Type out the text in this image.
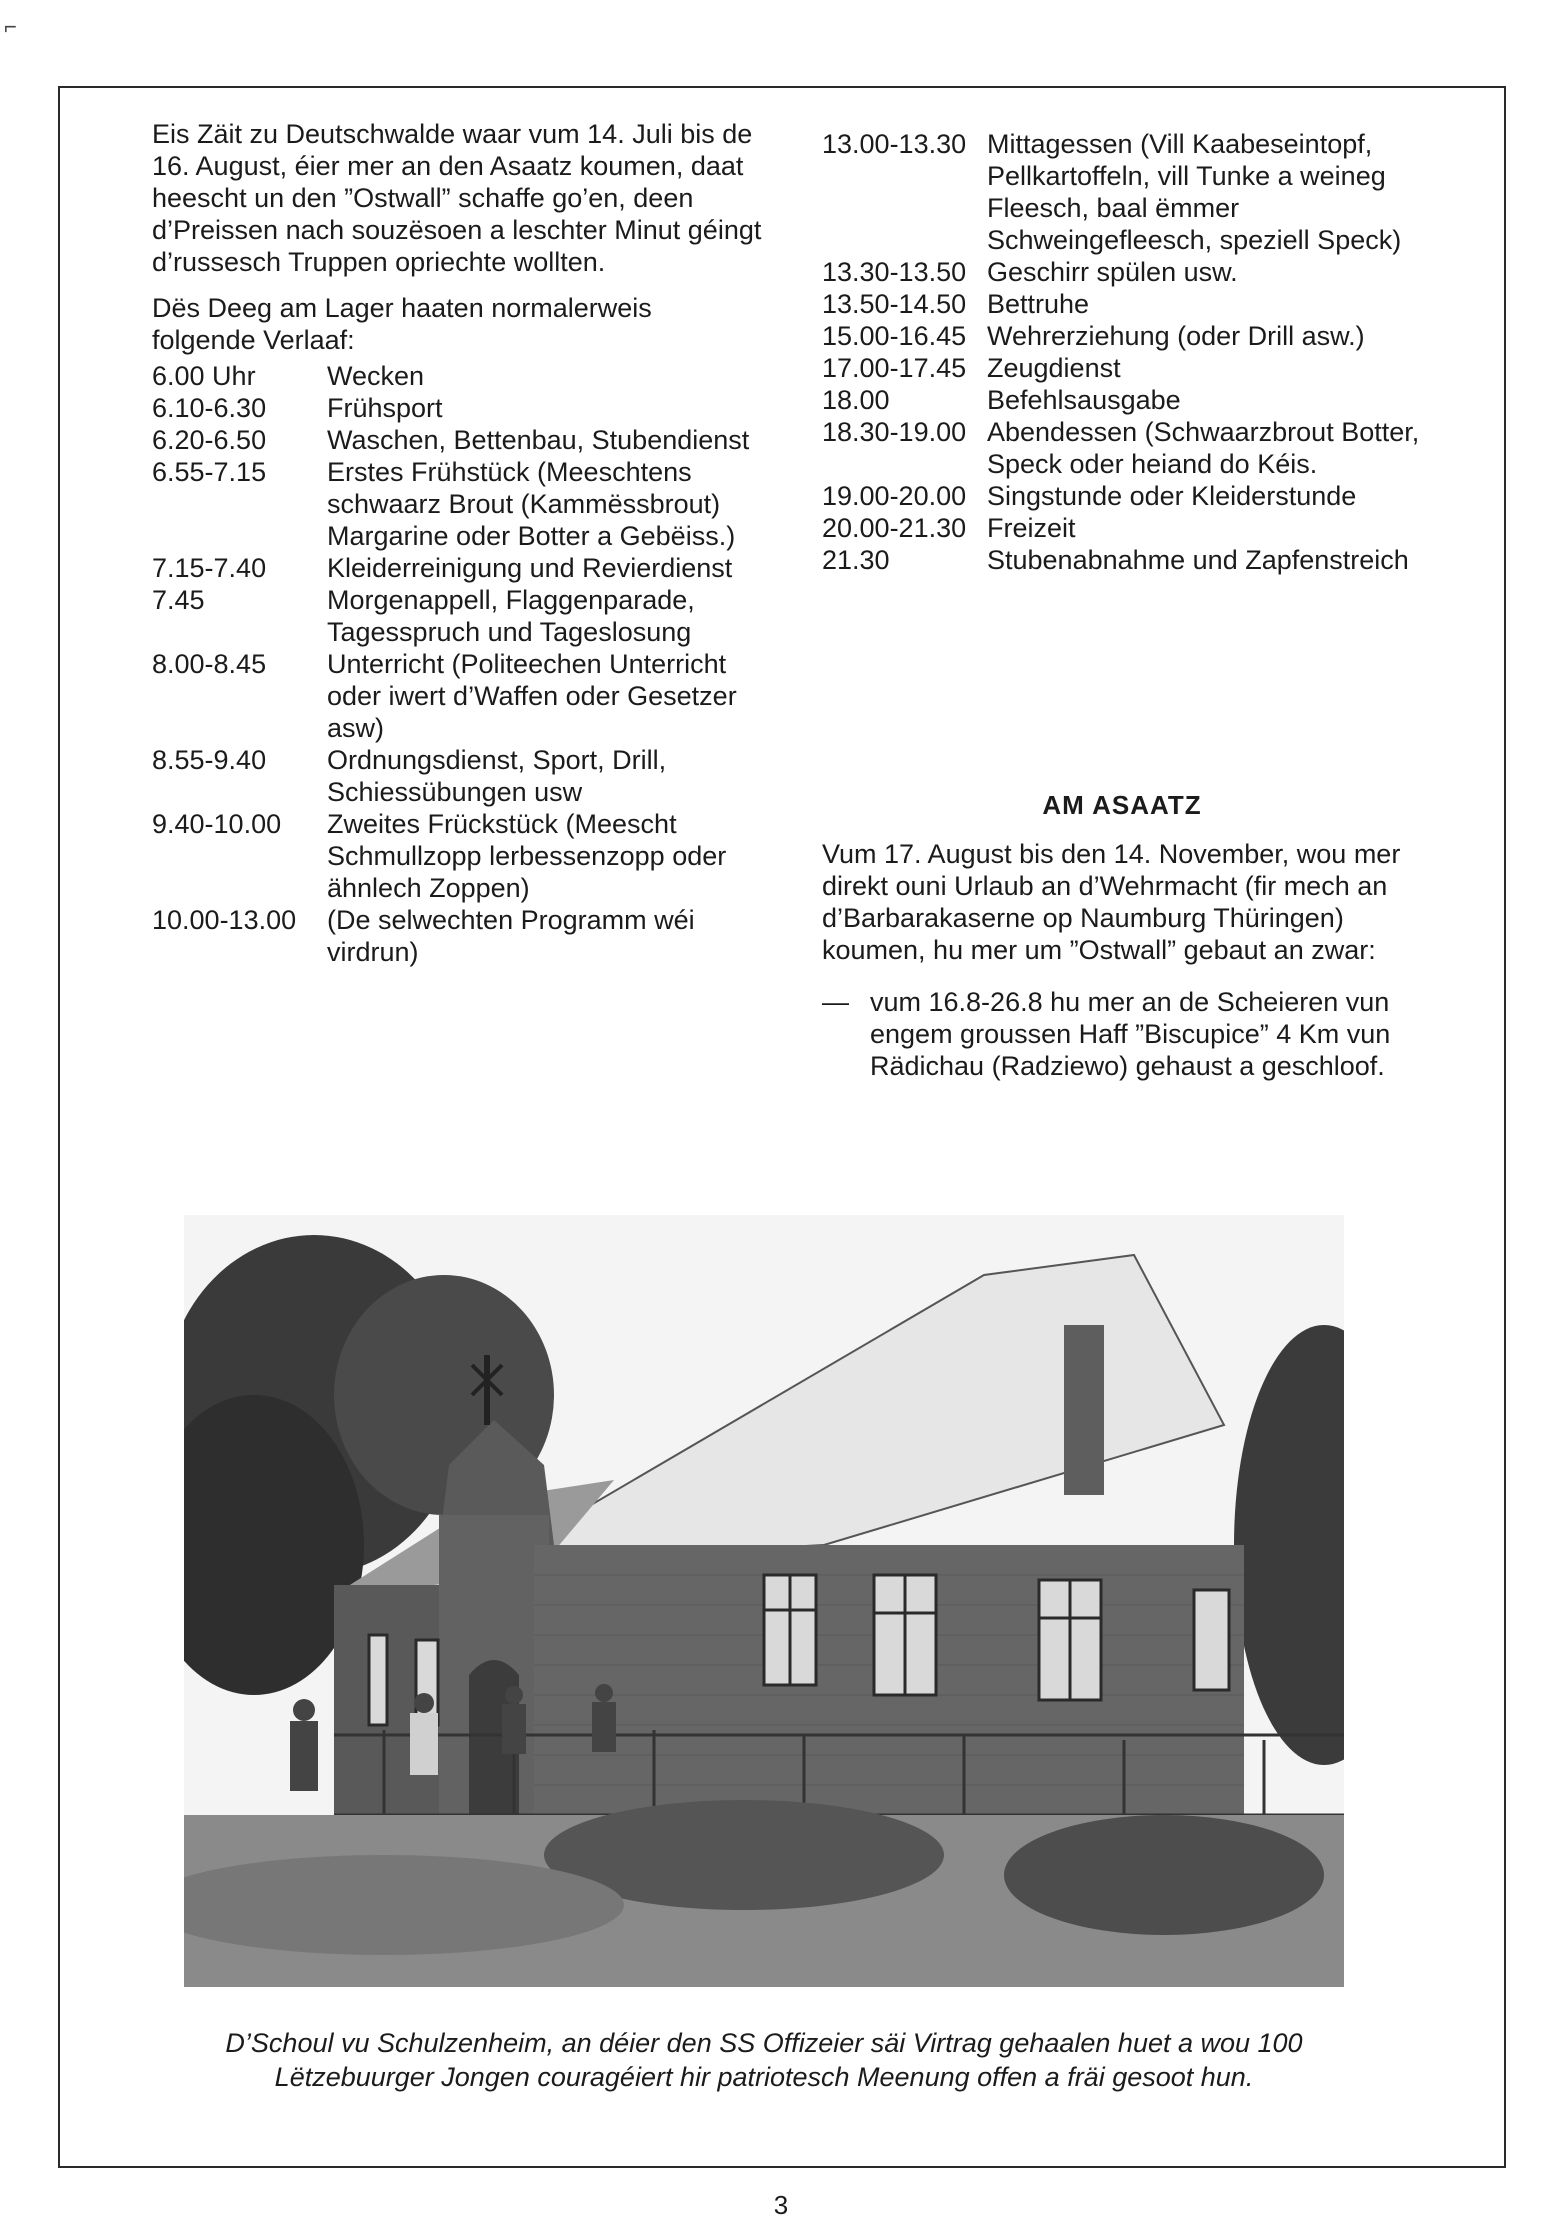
⌐

Eis Zäit zu Deutschwalde waar vum 14. Juli bis de 16. August, éier mer an den Asaatz koumen, daat heescht un den ”Ostwall” schaffe go’en, deen d’Preissen nach souzësoen a leschter Minut géingt d’russesch Truppen opriechte wollten.

Dës Deeg am Lager haaten normalerweis folgende Verlaaf:

6.00 Uhr	Wecken
6.10-6.30	Frühsport
6.20-6.50	Waschen, Bettenbau, Stubendienst
6.55-7.15	Erstes Frühstück (Meeschtens schwaarz Brout (Kammëssbrout) Margarine oder Botter a Gebëiss.)
7.15-7.40	Kleiderreinigung und Revierdienst
7.45	Morgenappell, Flaggenparade, Tagesspruch und Tageslosung
8.00-8.45	Unterricht (Politeechen Unterricht oder iwert d’Waffen oder Gesetzer asw)
8.55-9.40	Ordnungsdienst, Sport, Drill, Schiessübungen usw
9.40-10.00	Zweites Frückstück (Meescht Schmullzopp lerbessenzopp oder ähnlech Zoppen)
10.00-13.00	(De selwechten Programm wéi virdrun)
13.00-13.30 Mittagessen (Vill Kaabeseintopf, Pellkartoffeln, vill Tunke a weineg Fleesch, baal ëmmer Schweingefleesch, speziell Speck)
13.30-13.50 Geschirr spülen usw.
13.50-14.50 Bettruhe
15.00-16.45 Wehrerziehung (oder Drill asw.)
17.00-17.45 Zeugdienst
18.00	Befehlsausgabe
18.30-19.00 Abendessen (Schwaarzbrout Botter, Speck oder heiand do Kéis.
19.00-20.00 Singstunde oder Kleiderstunde
20.00-21.30 Freizeit
21.30	Stubenabnahme und Zapfenstreich
AM ASAATZ

Vum 17. August bis den 14. November, wou mer direkt ouni Urlaub an d’Wehrmacht (fir mech an d’Barbarakaserne op Naumburg Thüringen) koumen, hu mer um ”Ostwall” gebaut an zwar:

— vum 16.8-26.8 hu mer an de Scheieren vun engem groussen Haff ”Biscupice” 4 Km vun Rädichau (Radziewo) gehaust a geschloof.
D’Schoul vu Schulzenheim, an déier den SS Offizeier säi Virtrag gehaalen huet a wou 100 Lëtzebuurger Jongen couragéiert hir patriotesch Meenung offen a fräi gesoot hun.
3
